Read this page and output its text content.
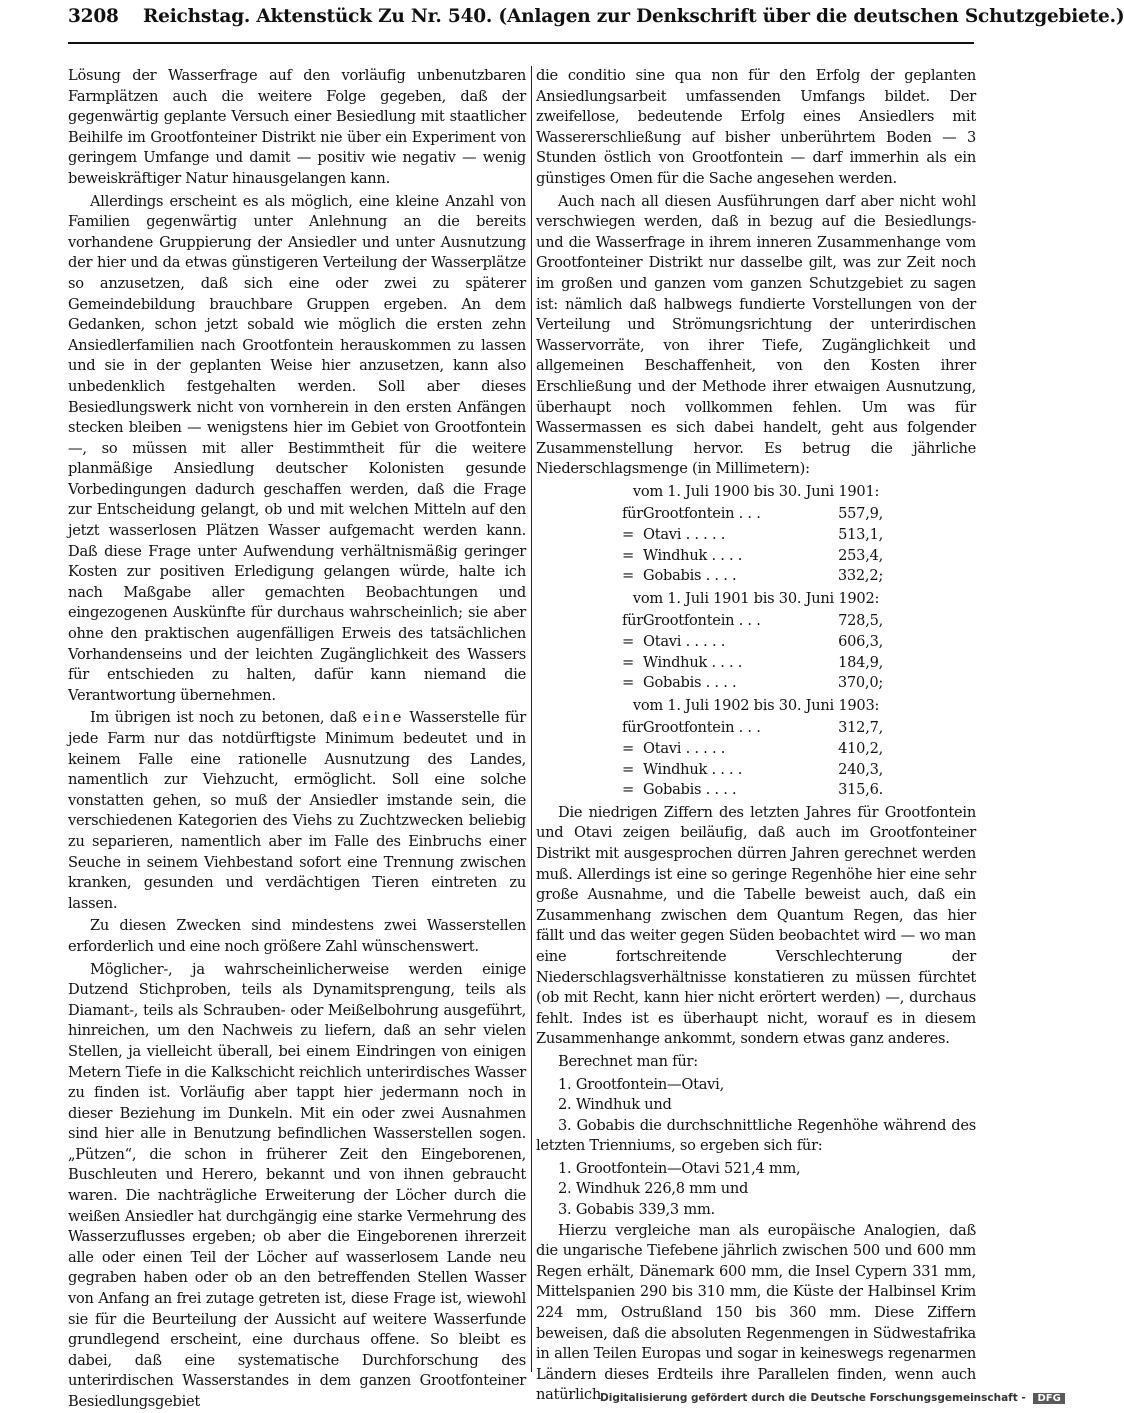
3208 Reichstag. Aktenstück Zu Nr. 540. (Anlagen zur Denkschrift über die deutschen Schutzgebiete.)

Lösung der Wasserfrage auf den vorläufig unbenutzbaren Farmplätzen auch die weitere Folge gegeben, daß der gegenwärtig geplante Versuch einer Besiedlung mit staatlicher Beihilfe im Grootfonteiner Distrikt nie über ein Experiment von geringem Umfange und damit — positiv wie negativ — wenig beweiskräftiger Natur hinausgelangen kann.

Allerdings erscheint es als möglich, eine kleine Anzahl von Familien gegenwärtig unter Anlehnung an die bereits vorhandene Gruppierung der Ansiedler und unter Ausnutzung der hier und da etwas günstigeren Verteilung der Wasserplätze so anzusetzen, daß sich eine oder zwei zu späterer Gemeindebildung brauchbare Gruppen ergeben. An dem Gedanken, schon jetzt sobald wie möglich die ersten zehn Ansiedlerfamilien nach Grootfontein herauskommen zu lassen und sie in der geplanten Weise hier anzusetzen, kann also unbedenklich festgehalten werden. Soll aber dieses Besiedlungswerk nicht von vornherein in den ersten Anfängen stecken bleiben — wenigstens hier im Gebiet von Grootfontein —, so müssen mit aller Bestimmtheit für die weitere planmäßige Ansiedlung deutscher Kolonisten gesunde Vorbedingungen dadurch geschaffen werden, daß die Frage zur Entscheidung gelangt, ob und mit welchen Mitteln auf den jetzt wasserlosen Plätzen Wasser aufgemacht werden kann. Daß diese Frage unter Aufwendung verhältnismäßig geringer Kosten zur positiven Erledigung gelangen würde, halte ich nach Maßgabe aller gemachten Beobachtungen und eingezogenen Auskünfte für durchaus wahrscheinlich; sie aber ohne den praktischen augenfälligen Erweis des tatsächlichen Vorhandenseins und der leichten Zugänglichkeit des Wassers für entschieden zu halten, dafür kann niemand die Verantwortung übernehmen.

Im übrigen ist noch zu betonen, daß eine Wasserstelle für jede Farm nur das notdürftigste Minimum bedeutet und in keinem Falle eine rationelle Ausnutzung des Landes, namentlich zur Viehzucht, ermöglicht. Soll eine solche vonstatten gehen, so muß der Ansiedler imstande sein, die verschiedenen Kategorien des Viehs zu Zuchtzwecken beliebig zu separieren, namentlich aber im Falle des Einbruchs einer Seuche in seinem Viehbestand sofort eine Trennung zwischen kranken, gesunden und verdächtigen Tieren eintreten zu lassen.

Zu diesen Zwecken sind mindestens zwei Wasserstellen erforderlich und eine noch größere Zahl wünschenswert.

Möglicher-, ja wahrscheinlicherweise werden einige Dutzend Stichproben, teils als Dynamitsprengung, teils als Diamant-, teils als Schrauben- oder Meißelbohrung ausgeführt, hinreichen, um den Nachweis zu liefern, daß an sehr vielen Stellen, ja vielleicht überall, bei einem Eindringen von einigen Metern Tiefe in die Kalkschicht reichlich unterirdisches Wasser zu finden ist. Vorläufig aber tappt hier jedermann noch in dieser Beziehung im Dunkeln. Mit ein oder zwei Ausnahmen sind hier alle in Benutzung befindlichen Wasserstellen sogen. „Pützen“, die schon in früherer Zeit den Eingeborenen, Buschleuten und Herero, bekannt und von ihnen gebraucht waren. Die nachträgliche Erweiterung der Löcher durch die weißen Ansiedler hat durchgängig eine starke Vermehrung des Wasserzuflusses ergeben; ob aber die Eingeborenen ihrerzeit alle oder einen Teil der Löcher auf wasserlosem Lande neu gegraben haben oder ob an den betreffenden Stellen Wasser von Anfang an frei zutage getreten ist, diese Frage ist, wiewohl sie für die Beurteilung der Aussicht auf weitere Wasserfunde grundlegend erscheint, eine durchaus offene. So bleibt es dabei, daß eine systematische Durchforschung des unterirdischen Wasserstandes in dem ganzen Grootfonteiner Besiedlungsgebiet

die conditio sine qua non für den Erfolg der geplanten Ansiedlungsarbeit umfassenden Umfangs bildet. Der zweifellose, bedeutende Erfolg eines Ansiedlers mit Wassererschließung auf bisher unberührtem Boden — 3 Stunden östlich von Grootfontein — darf immerhin als ein günstiges Omen für die Sache angesehen werden.

Auch nach all diesen Ausführungen darf aber nicht wohl verschwiegen werden, daß in bezug auf die Besiedlungs- und die Wasserfrage in ihrem inneren Zusammenhange vom Grootfonteiner Distrikt nur dasselbe gilt, was zur Zeit noch im großen und ganzen vom ganzen Schutzgebiet zu sagen ist: nämlich daß halbwegs fundierte Vorstellungen von der Verteilung und Strömungsrichtung der unterirdischen Wasservorräte, von ihrer Tiefe, Zugänglichkeit und allgemeinen Beschaffenheit, von den Kosten ihrer Erschließung und der Methode ihrer etwaigen Ausnutzung, überhaupt noch vollkommen fehlen. Um was für Wassermassen es sich dabei handelt, geht aus folgender Zusammenstellung hervor. Es betrug die jährliche Niederschlagsmenge (in Millimetern):

vom 1. Juli 1900 bis 30. Juni 1901:

für	Grootfontein . . .	557,9,
=	Otavi . . . . .	513,1,
=	Windhuk . . . .	253,4,
=	Gobabis . . . .	332,2;

vom 1. Juli 1901 bis 30. Juni 1902:

für	Grootfontein . . .	728,5,
=	Otavi . . . . .	606,3,
=	Windhuk . . . .	184,9,
=	Gobabis . . . .	370,0;

vom 1. Juli 1902 bis 30. Juni 1903:

für	Grootfontein . . .	312,7,
=	Otavi . . . . .	410,2,
=	Windhuk . . . .	240,3,
=	Gobabis . . . .	315,6.

Die niedrigen Ziffern des letzten Jahres für Grootfontein und Otavi zeigen beiläufig, daß auch im Grootfonteiner Distrikt mit ausgesprochen dürren Jahren gerechnet werden muß. Allerdings ist eine so geringe Regenhöhe hier eine sehr große Ausnahme, und die Tabelle beweist auch, daß ein Zusammenhang zwischen dem Quantum Regen, das hier fällt und das weiter gegen Süden beobachtet wird — wo man eine fortschreitende Verschlechterung der Niederschlagsverhältnisse konstatieren zu müssen fürchtet (ob mit Recht, kann hier nicht erörtert werden) —, durchaus fehlt. Indes ist es überhaupt nicht, worauf es in diesem Zusammenhange ankommt, sondern etwas ganz anderes.

Berechnet man für:

1. Grootfontein—Otavi,
2. Windhuk und

3. Gobabis die durchschnittliche Regenhöhe während des letzten Trienniums, so ergeben sich für:

1. Grootfontein—Otavi 521,4 mm,
2. Windhuk 226,8 mm und
3. Gobabis 339,3 mm.

Hierzu vergleiche man als europäische Analogien, daß die ungarische Tiefebene jährlich zwischen 500 und 600 mm Regen erhält, Dänemark 600 mm, die Insel Cypern 331 mm, Mittelspanien 290 bis 310 mm, die Küste der Halbinsel Krim 224 mm, Ostrußland 150 bis 360 mm. Diese Ziffern beweisen, daß die absoluten Regenmengen in Südwestafrika in allen Teilen Europas und sogar in keineswegs regenarmen Ländern dieses Erdteils ihre Parallelen finden, wenn auch natürlich Digitalisierung gefördert durch die Deutsche Forschungsgemeinschaft - DFG
